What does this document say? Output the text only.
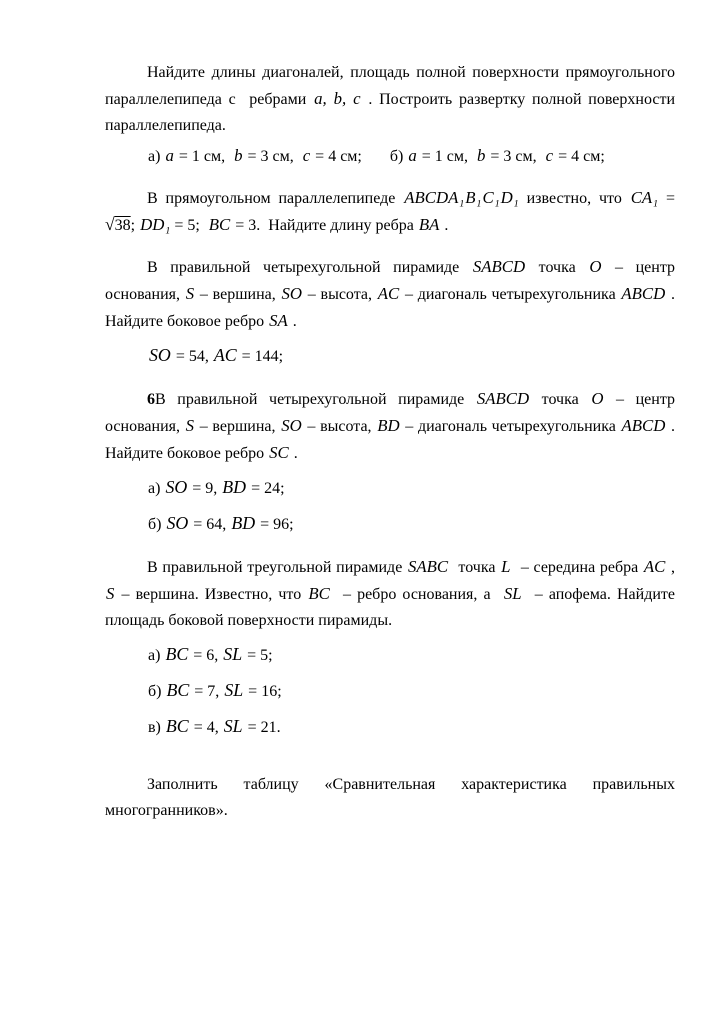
Найдите длины диагоналей, площадь полной поверхности прямоугольного параллелепипеда с  ребрами a, b, c . Построить развертку полной поверхности параллелепипеда.

а) a = 1 см,  b = 3 см,  c = 4 см;       б) a = 1 см,  b = 3 см,  c = 4 см;

В прямоугольном параллелепипеде $ABCDA_1B_1C_1D_1$ известно, что $CA_1 = √38$; $DD_1 = 5$;  BC = 3.  Найдите длину ребра BA .

В правильной четырехугольной пирамиде SABCD точка O – центр основания, S – вершина, SO – высота, AC – диагональ четырехугольника ABCD . Найдите боковое ребро SA .

SO = 54, AC = 144;

6В правильной четырехугольной пирамиде SABCD точка O – центр основания, S – вершина, SO – высота, BD – диагональ четырехугольника ABCD . Найдите боковое ребро SC .

а) SO = 9, BD = 24;

б) SO = 64, BD = 96;

В правильной треугольной пирамиде SABC  точка L  – середина ребра AC , S – вершина. Известно, что BC  – ребро основания, а  SL  – апофема. Найдите площадь боковой поверхности пирамиды.

а) BC = 6, SL = 5;

б) BC = 7, SL = 16;

в) BC = 4, SL = 21.

Заполнить таблицу «Сравнительная характеристика правильных многогранников».
